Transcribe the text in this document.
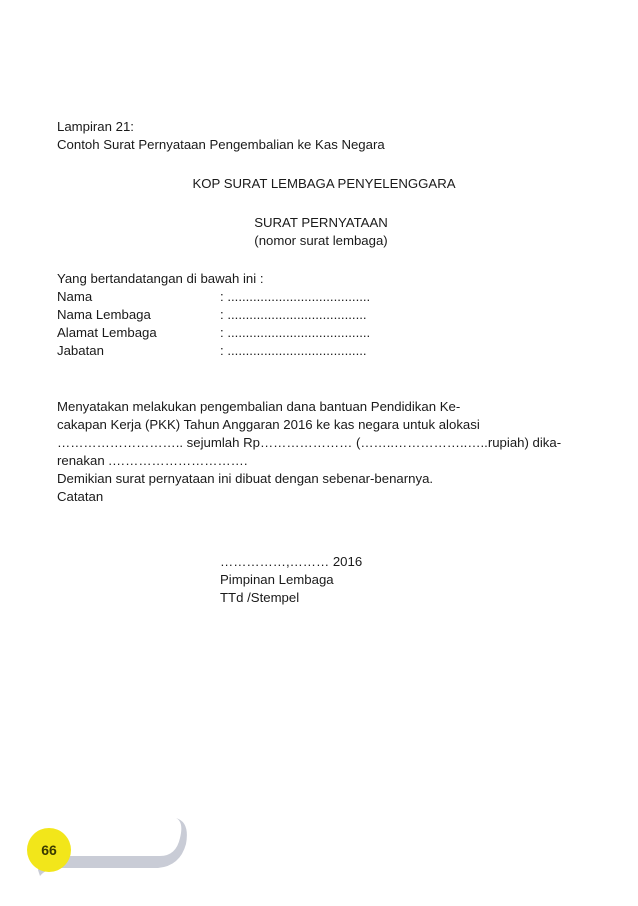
Lampiran 21:
Contoh Surat Pernyataan Pengembalian ke Kas Negara
KOP SURAT LEMBAGA PENYELENGGARA
SURAT PERNYATAAN
(nomor surat lembaga)
Yang bertandatangan di bawah ini :
Nama	: .......................................
Nama Lembaga	: ......................................
Alamat Lembaga	: .......................................
Jabatan	: ......................................
Menyatakan melakukan pengembalian dana bantuan Pendidikan Ke-
cakapan Kerja (PKK) Tahun Anggaran 2016 ke kas negara untuk alokasi
……………………….. sejumlah Rp………………… (……..……………..…..rupiah) dika-
renakan .………………………….
Demikian surat pernyataan ini dibuat dengan sebenar-benarnya.
Catatan
……………,……… 2016
Pimpinan Lembaga
TTd /Stempel
66
